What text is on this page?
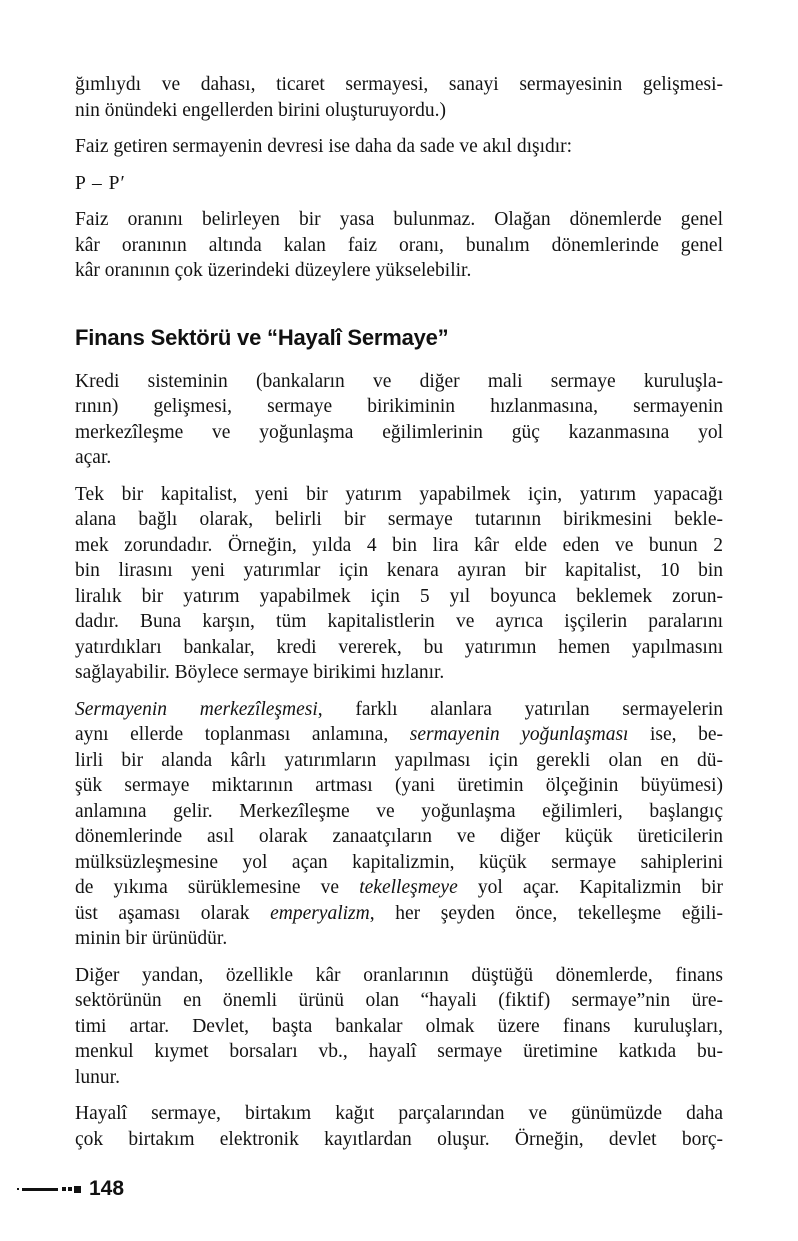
ğımlıydı ve dahası, ticaret sermayesi, sanayi sermayesinin gelişmesi-
nin önündeki engellerden birini oluşturuyordu.)
Faiz getiren sermayenin devresi ise daha da sade ve akıl dışıdır:
P – P′
Faiz oranını belirleyen bir yasa bulunmaz. Olağan dönemlerde genel
kâr oranının altında kalan faiz oranı, bunalım dönemlerinde genel
kâr oranının çok üzerindeki düzeylere yükselebilir.
Finans Sektörü ve “Hayalî Sermaye”
Kredi sisteminin (bankaların ve diğer mali sermaye kuruluşla-
rının) gelişmesi, sermaye birikiminin hızlanmasına, sermayenin
merkezîleşme ve yoğunlaşma eğilimlerinin güç kazanmasına yol
açar.
Tek bir kapitalist, yeni bir yatırım yapabilmek için, yatırım yapacağı
alana bağlı olarak, belirli bir sermaye tutarının birikmesini bekle-
mek zorundadır. Örneğin, yılda 4 bin lira kâr elde eden ve bunun 2
bin lirasını yeni yatırımlar için kenara ayıran bir kapitalist, 10 bin
liralık bir yatırım yapabilmek için 5 yıl boyunca beklemek zorun-
dadır. Buna karşın, tüm kapitalistlerin ve ayrıca işçilerin paralarını
yatırdıkları bankalar, kredi vererek, bu yatırımın hemen yapılmasını
sağlayabilir. Böylece sermaye birikimi hızlanır.
Sermayenin merkezîleşmesi, farklı alanlara yatırılan sermayelerin
aynı ellerde toplanması anlamına, sermayenin yoğunlaşması ise, be-
lirli bir alanda kârlı yatırımların yapılması için gerekli olan en dü-
şük sermaye miktarının artması (yani üretimin ölçeğinin büyümesi)
anlamına gelir. Merkezîleşme ve yoğunlaşma eğilimleri, başlangıç
dönemlerinde asıl olarak zanaatçıların ve diğer küçük üreticilerin
mülksüzleşmesine yol açan kapitalizmin, küçük sermaye sahiplerini
de yıkıma sürüklemesine ve tekelleşmeye yol açar. Kapitalizmin bir
üst aşaması olarak emperyalizm, her şeyden önce, tekelleşme eğili-
minin bir ürünüdür.
Diğer yandan, özellikle kâr oranlarının düştüğü dönemlerde, finans
sektörünün en önemli ürünü olan “hayali (fiktif) sermaye”nin üre-
timi artar. Devlet, başta bankalar olmak üzere finans kuruluşları,
menkul kıymet borsaları vb., hayalî sermaye üretimine katkıda bu-
lunur.
Hayalî sermaye, birtakım kağıt parçalarından ve günümüzde daha
çok birtakım elektronik kayıtlardan oluşur. Örneğin, devlet borç-
148
